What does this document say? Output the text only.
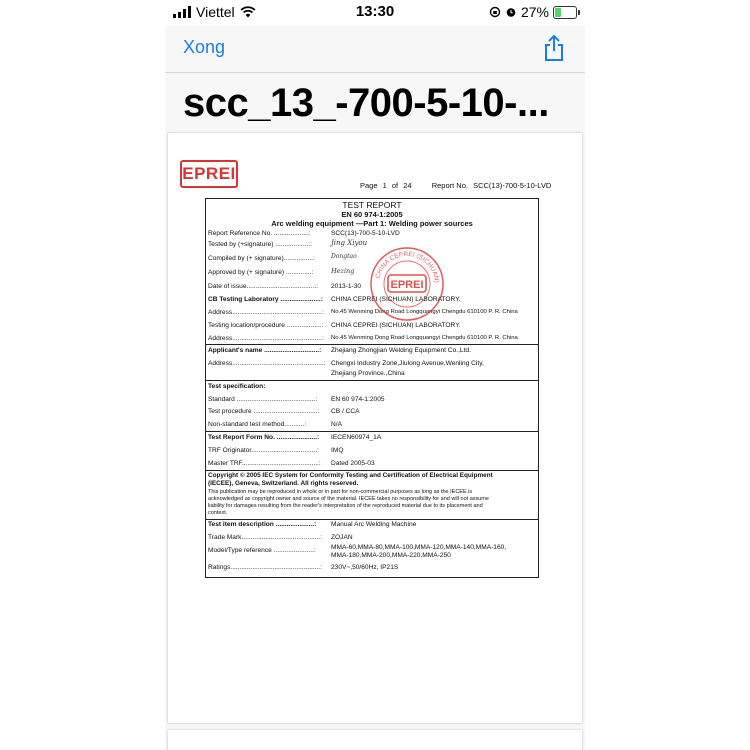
Viettel	13:30	27%
Xong
scc_13_-700-5-10-...
EPREI
Page 1 of 24	Report No. SCC(13)-700-5-10-LVD
TEST REPORT
EN 60 974-1:2005
Arc welding equipment —Part 1: Welding power sources
Report Reference No. ...................:	SCC(13)-700-5-10-LVD
Tested by (+signature) ...................:	Jing Xiyou
Compiled by (+ signature)................:	Dongtao
Approved by (+ signature) ..............:	Hezing
Date of issue......................................: 2013-1-30
CB Testing Laboratory ......................: CHINA CEPREI (SICHUAN) LABORATORY.
Address.................................................: No.45 Wenming Dong Road Longquangyi Chengdu 610100 P. R. China
Testing location/procedure ...................: CHINA CEPREI (SICHUAN) LABORATORY.
Address.................................................: No.45 Wenming Dong Road Longquangyi Chengdu 610100 P. R. China
Applicant's name ..............................: Zhejiang Zhongjian Welding Equipment Co.,Ltd.
Address..................................................: Chengxi Industry Zone,Jiulong Avenue,Wenling City,
Zhejiang Province.,China
Test specification:
Standard ...........................................: EN 60 974-1:2005
Test procedure ...................................: CB / CCA
Non-standard test method...........:	N/A
Test Report Form No. ......................: IECEN60974_1A
TRF Originator....................................: IMQ
Master TRF..........................................: Dated 2005-03
Copyright © 2005 IEC System for Conformity Testing and Certification of Electrical Equipment
(IECEE), Geneva, Switzerland. All rights reserved.
This publication may be reproduced in whole or in part for non-commercial purposes as long as the IECEE is
acknowledged as copyright owner and source of the material. IECEE takes no responsibility for and will not assume
liability for damages resulting from the reader's interpretation of the reproduced material due to its placement and
context.
Test item description .....................: Manual Arc Welding Machine
Trade Mark...........................................: ZOJAN
Model/Type reference ......................: MMA-60,MMA-80,MMA-100,MMA-120,MMA-140,MMA-160,
MMA-180,MMA-200,MMA-220,MMA-250
Ratings.................................................: 230V~,50/60Hz, IP21S
CHINA CEPREI (SICHUAN)
EPREI
